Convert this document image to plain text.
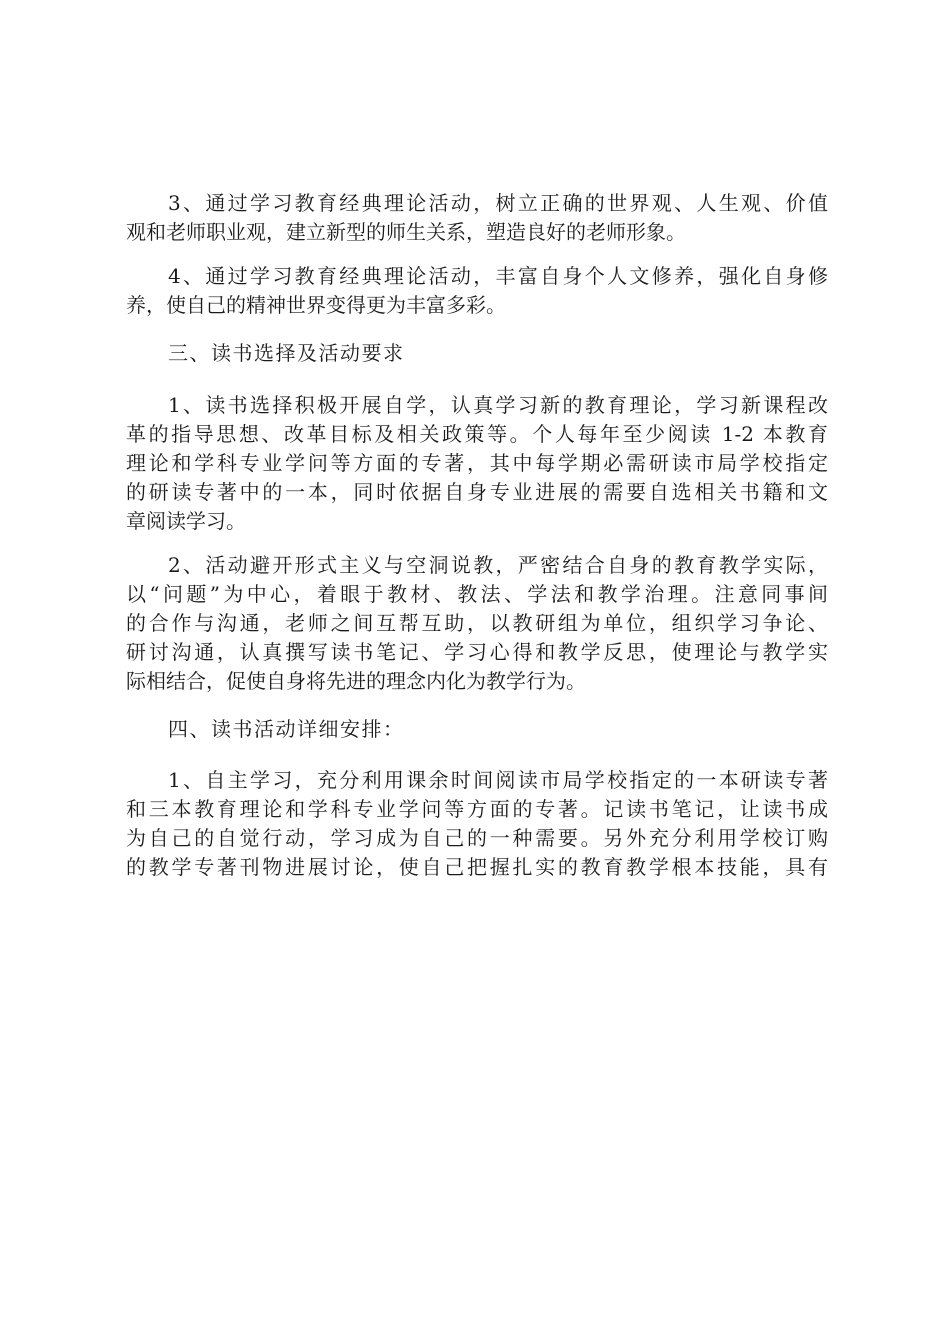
3、通过学习教育经典理论活动，树立正确的世界观、人生观、价值
观和老师职业观，建立新型的师生关系，塑造良好的老师形象。
4、通过学习教育经典理论活动，丰富自身个人文修养，强化自身修
养，使自己的精神世界变得更为丰富多彩。

三、读书选择及活动要求

1、读书选择积极开展自学，认真学习新的教育理论，学习新课程改
革的指导思想、改革目标及相关政策等。个人每年至少阅读 1-2 本教育
理论和学科专业学问等方面的专著，其中每学期必需研读市局学校指定
的研读专著中的一本，同时依据自身专业进展的需要自选相关书籍和文
章阅读学习。
2、活动避开形式主义与空洞说教，严密结合自身的教育教学实际，
以“问题”为中心，着眼于教材、教法、学法和教学治理。注意同事间
的合作与沟通，老师之间互帮互助，以教研组为单位，组织学习争论、
研讨沟通，认真撰写读书笔记、学习心得和教学反思，使理论与教学实
际相结合，促使自身将先进的理念内化为教学行为。

四、读书活动详细安排：

1、自主学习，充分利用课余时间阅读市局学校指定的一本研读专著
和三本教育理论和学科专业学问等方面的专著。记读书笔记，让读书成
为自己的自觉行动，学习成为自己的一种需要。另外充分利用学校订购
的教学专著刊物进展讨论，使自己把握扎实的教育教学根本技能，具有
